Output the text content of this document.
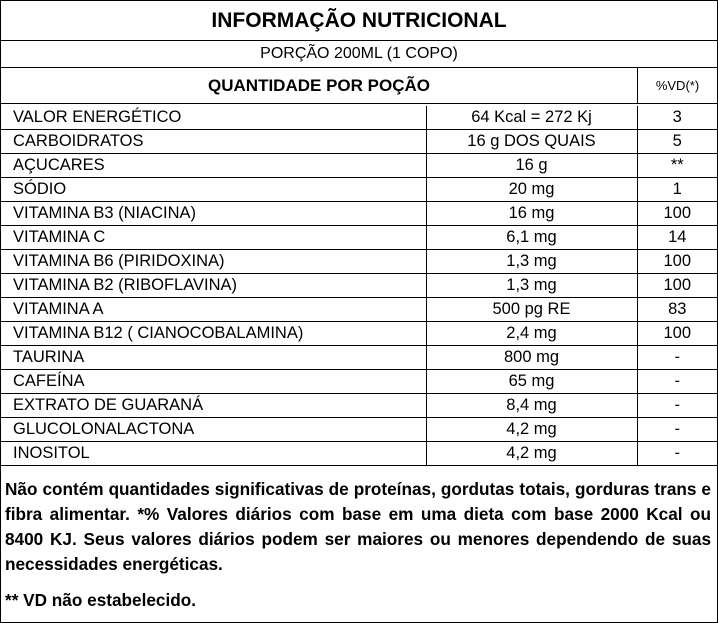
INFORMAÇÃO NUTRICIONAL
PORÇÃO 200ML (1 COPO)
QUANTIDADE POR POÇÃO	%VD(*)
VALOR ENERGÉTICO	64 Kcal = 272 Kj	3
CARBOIDRATOS	16 g DOS QUAIS	5
AÇUCARES	16 g	**
SÓDIO	20 mg	1
VITAMINA B3 (NIACINA)	16 mg	100
VITAMINA C	6,1 mg	14
VITAMINA B6 (PIRIDOXINA)	1,3 mg	100
VITAMINA B2 (RIBOFLAVINA)	1,3 mg	100
VITAMINA A	500 pg RE	83
VITAMINA B12 ( CIANOCOBALAMINA)	2,4 mg	100
TAURINA	800 mg	-
CAFEÍNA	65 mg	-
EXTRATO DE GUARANÁ	8,4 mg	-
GLUCOLONALACTONA	4,2 mg	-
INOSITOL	4,2 mg	-
Não contém quantidades significativas de proteínas, gordutas totais, gorduras trans e fibra alimentar. *% Valores diários com base em uma dieta com base 2000 Kcal ou 8400 KJ. Seus valores diários podem ser maiores ou menores dependendo de suas necessidades energéticas.
** VD não estabelecido.
